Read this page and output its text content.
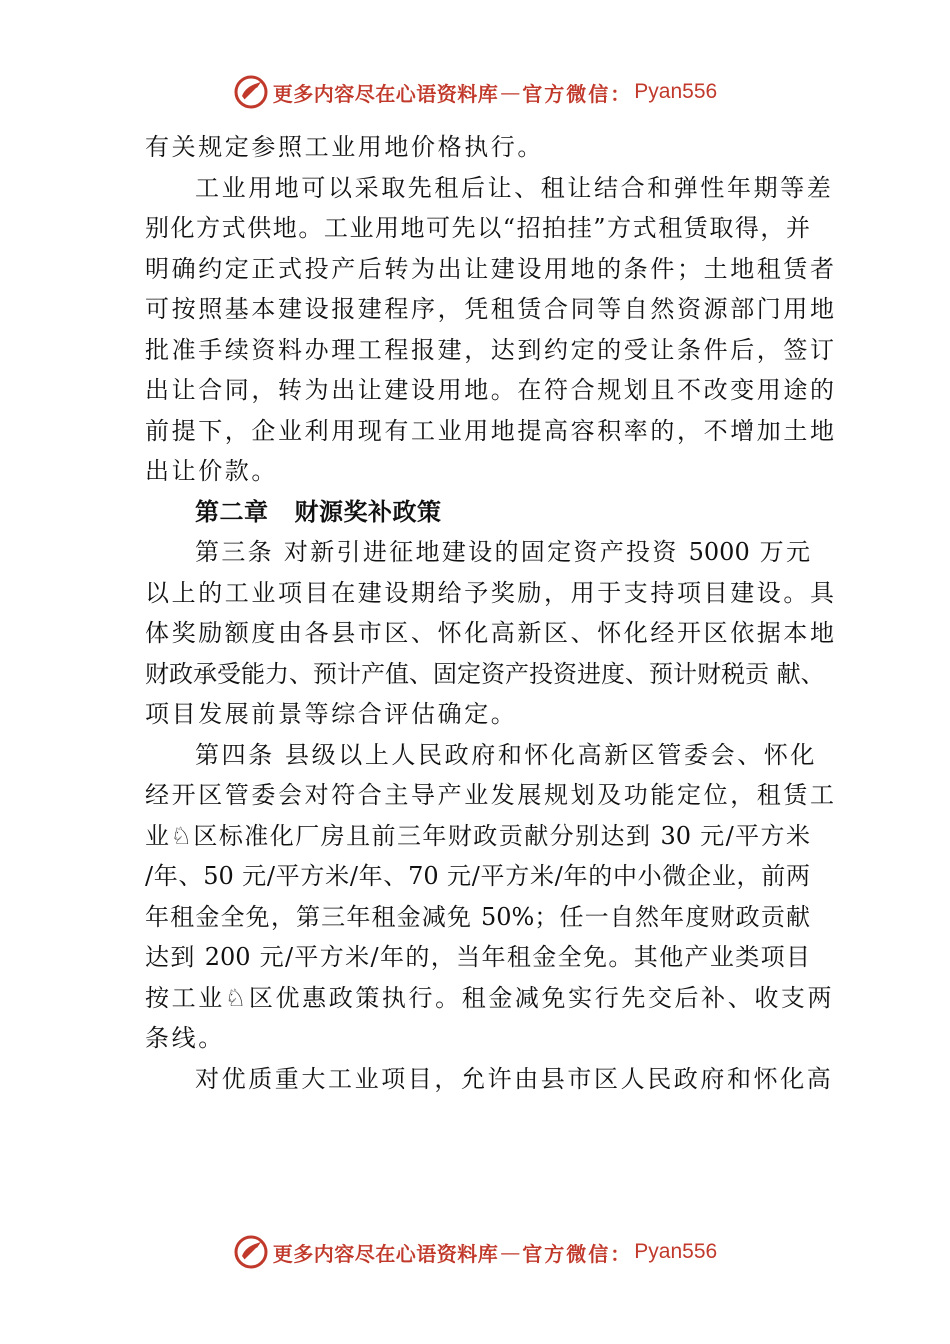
更多内容尽在心语资料库 — 官方微信： Pyan556
有关规定参照工业用地价格执行。
工业用地可以采取先租后让、租让结合和弹性年期等差
别化方式供地。工业用地可先以“招拍挂”方式租赁取得，并
明确约定正式投产后转为出让建设用地的条件；土地租赁者
可按照基本建设报建程序，凭租赁合同等自然资源部门用地
批准手续资料办理工程报建，达到约定的受让条件后，签订
出让合同，转为出让建设用地。在符合规划且不改变用途的
前提下，企业利用现有工业用地提高容积率的，不增加土地
出让价款。
第二章 财源奖补政策
第三条 对新引进征地建设的固定资产投资 5000 万元
以上的工业项目在建设期给予奖励，用于支持项目建设。具
体奖励额度由各县市区、怀化高新区、怀化经开区依据本地
财政承受能力、预计产值、固定资产投资进度、预计财税贡 献、
项目发展前景等综合评估确定。
第四条 县级以上人民政府和怀化高新区管委会、怀化
经开区管委会对符合主导产业发展规划及功能定位，租赁工
业♘区标准化厂房且前三年财政贡献分别达到 30 元/平方米
/年、50 元/平方米/年、70 元/平方米/年的中小微企业，前两
年租金全免，第三年租金减免 50%；任一自然年度财政贡献
达到 200 元/平方米/年的，当年租金全免。其他产业类项目
按工业♘区优惠政策执行。租金减免实行先交后补、收支两
条线。
对优质重大工业项目，允许由县市区人民政府和怀化高
更多内容尽在心语资料库 — 官方微信： Pyan556
